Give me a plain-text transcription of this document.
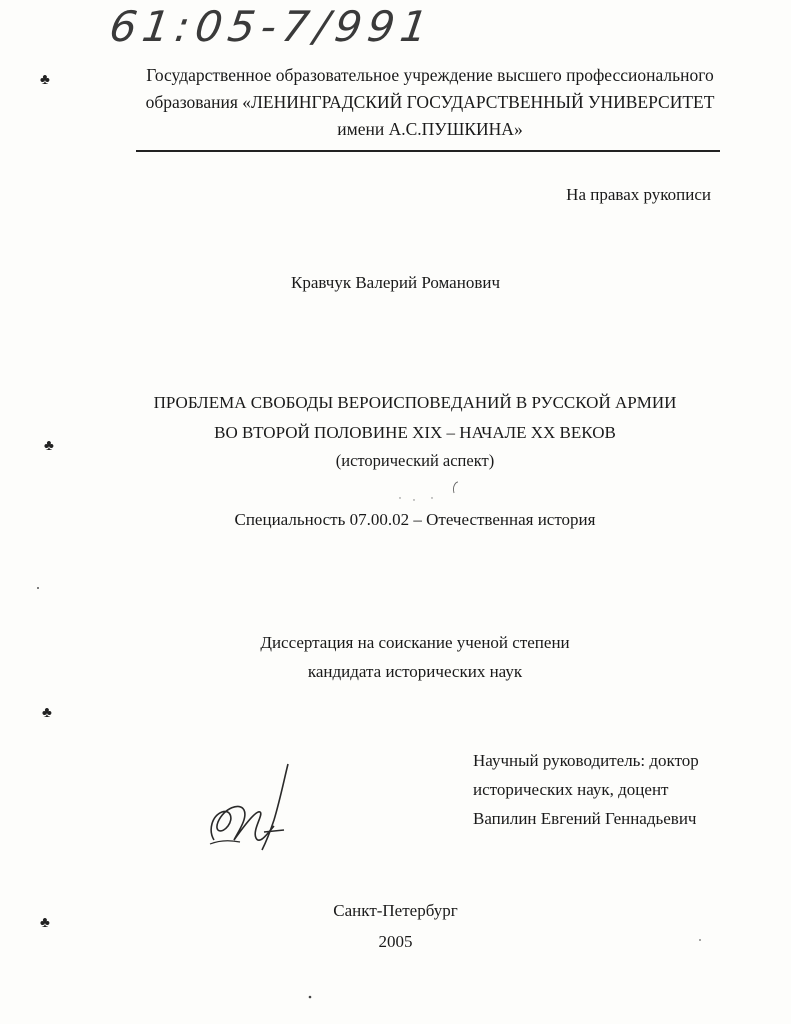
61:05-7/991
Государственное образовательное учреждение высшего профессионального
образования «ЛЕНИНГРАДСКИЙ ГОСУДАРСТВЕННЫЙ УНИВЕРСИТЕТ
имени А.С.ПУШКИНА»
На правах рукописи
Кравчук Валерий Романович
ПРОБЛЕМА СВОБОДЫ ВЕРОИСПОВЕДАНИЙ В РУССКОЙ АРМИИ
ВО ВТОРОЙ ПОЛОВИНЕ XIX – НАЧАЛЕ XX ВЕКОВ
(исторический аспект)
Специальность 07.00.02 – Отечественная история
Диссертация на соискание ученой степени
кандидата исторических наук
Научный руководитель: доктор
исторических наук, доцент
Вапилин Евгений Геннадьевич
Санкт-Петербург
2005
♣
♣
♣
♣
